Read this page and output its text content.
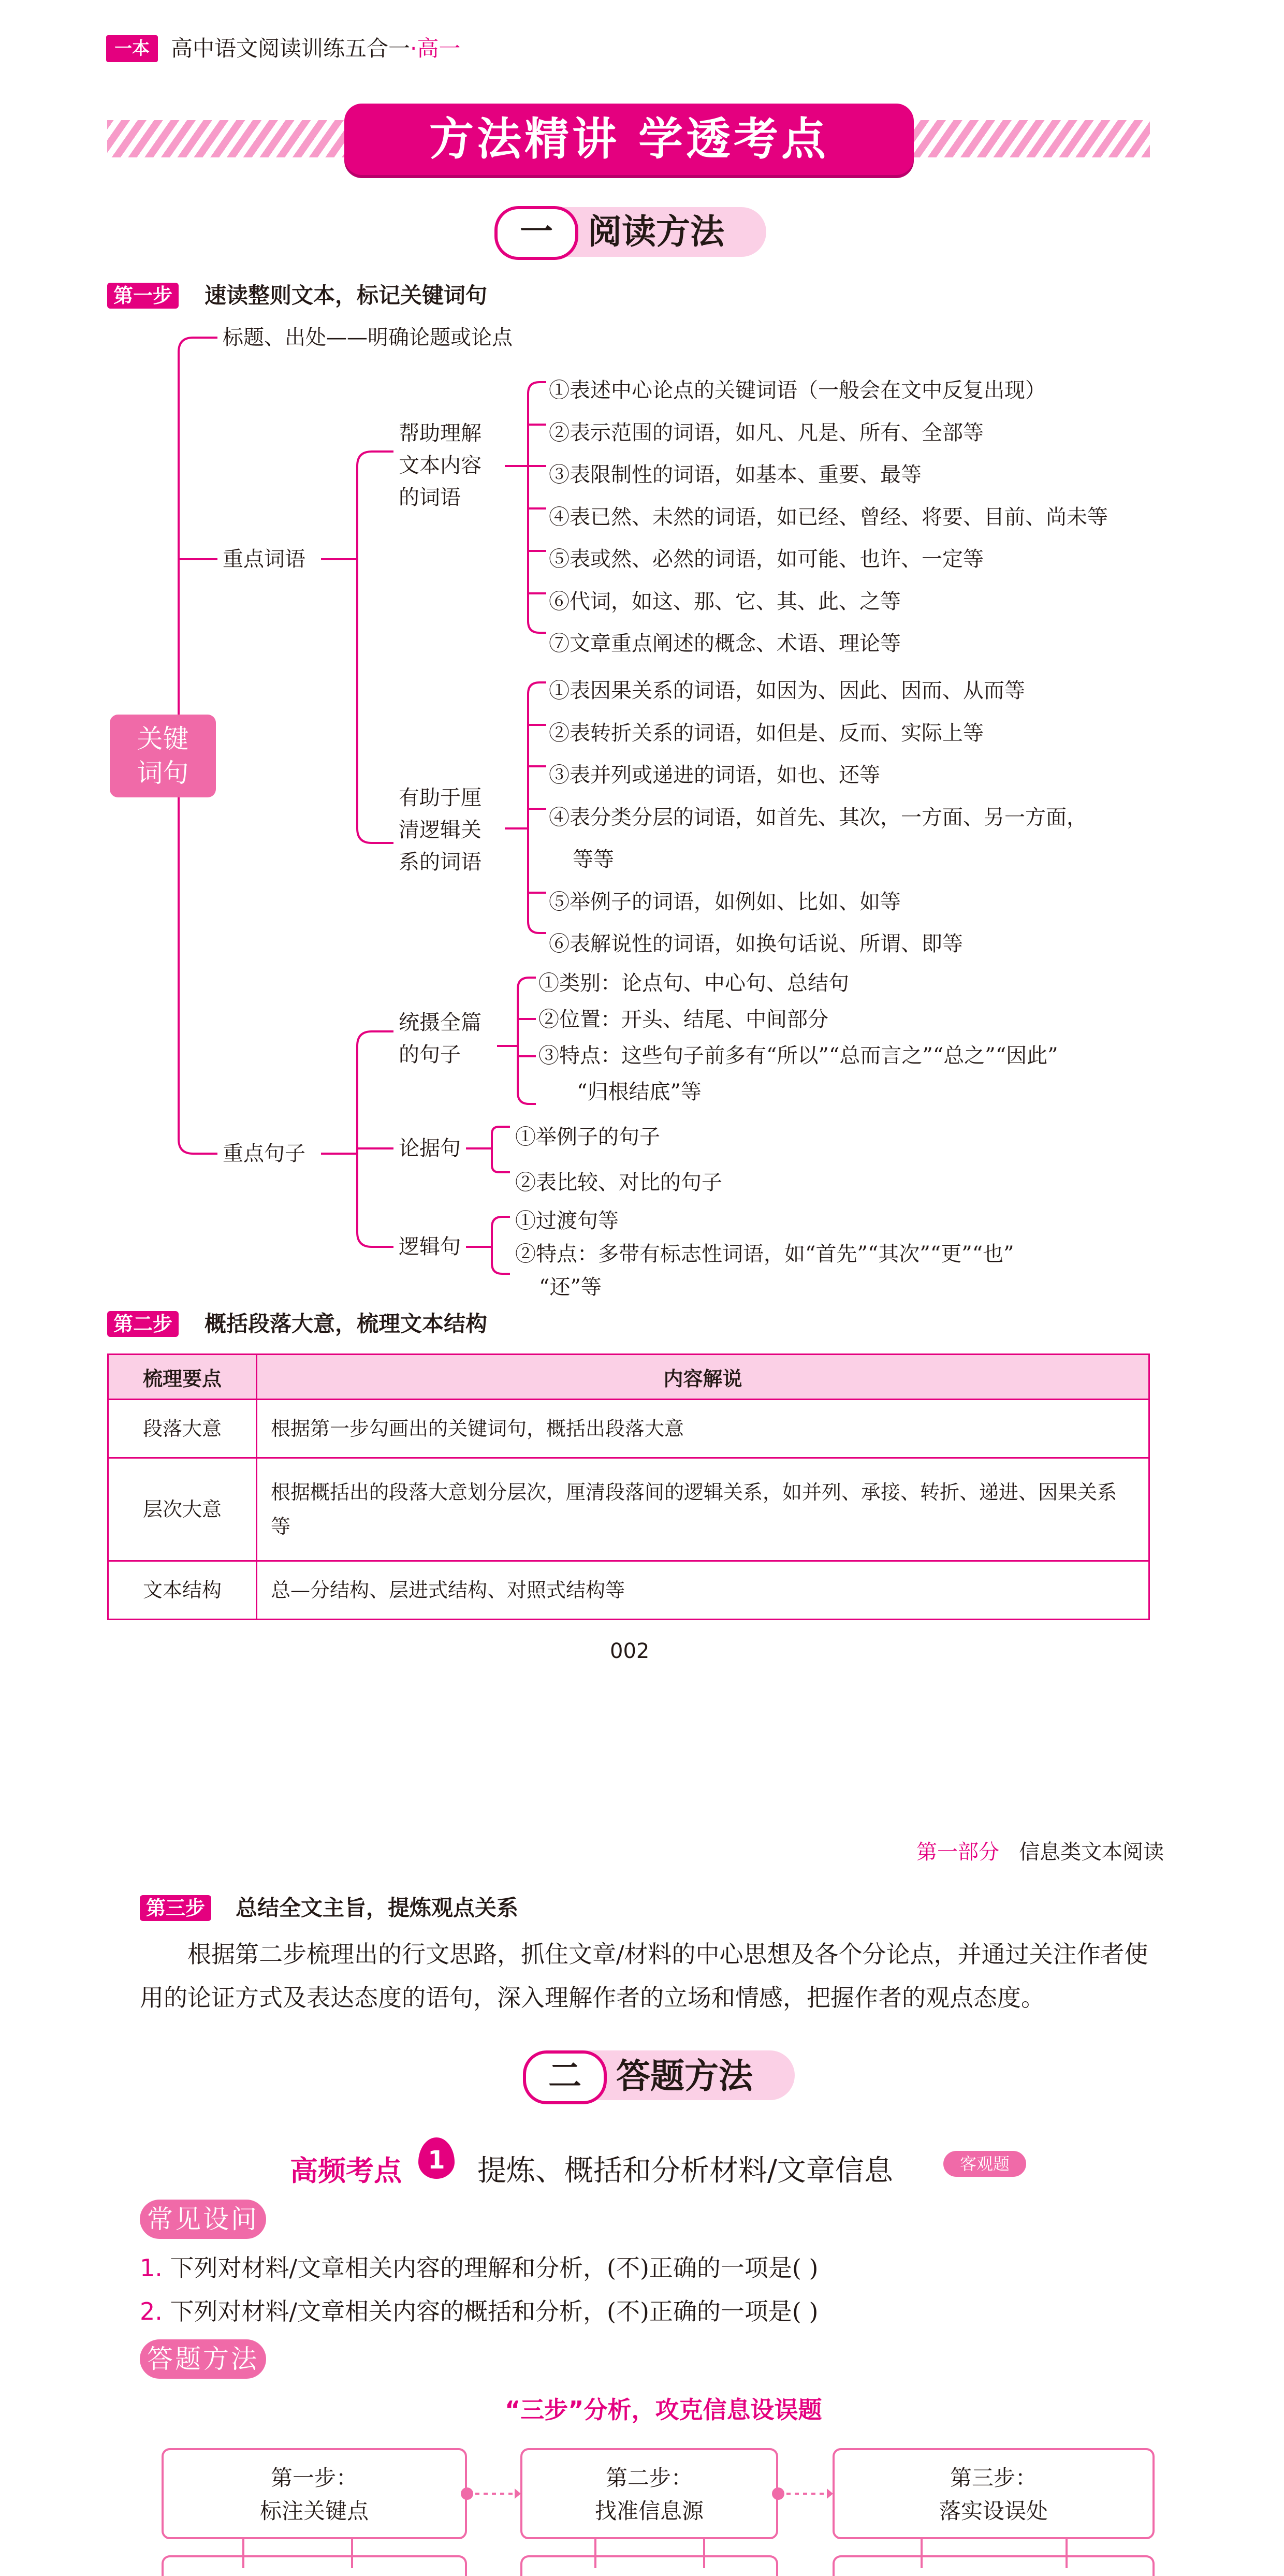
一本 高中语文阅读训练五合一·高一
方法精讲 学透考点
一	阅读方法
第一步 速读整则文本，标记关键词句
关键
词句
标题、出处——明确论题或论点
重点词语
帮助理解
文本内容
的词语
①表述中心论点的关键词语（一般会在文中反复出现）
②表示范围的词语，如凡、凡是、所有、全部等
③表限制性的词语，如基本、重要、最等
④表已然、未然的词语，如已经、曾经、将要、目前、尚未等
⑤表或然、必然的词语，如可能、也许、一定等
⑥代词，如这、那、它、其、此、之等
⑦文章重点阐述的概念、术语、理论等
有助于厘
清逻辑关
系的词语
①表因果关系的词语，如因为、因此、因而、从而等
②表转折关系的词语，如但是、反而、实际上等
③表并列或递进的词语，如也、还等
④表分类分层的词语，如首先、其次，一方面、另一方面，
等等
⑤举例子的词语，如例如、比如、如等
⑥表解说性的词语，如换句话说、所谓、即等
重点句子
统摄全篇
的句子
①类别：论点句、中心句、总结句
②位置：开头、结尾、中间部分
③特点：这些句子前多有“所以”“总而言之”“总之”“因此”
“归根结底”等
论据句	①举例子的句子
②表比较、对比的句子
逻辑句
①过渡句等
②特点：多带有标志性词语，如“首先”“其次”“更”“也”
“还”等
第二步 概括段落大意，梳理文本结构
梳理要点	内容解说
段落大意	根据第一步勾画出的关键词句，概括出段落大意
层次大意	根据概括出的段落大意划分层次，厘清段落间的逻辑关系，如并列、承接、转折、递进、因果关系等
文本结构	总—分结构、层进式结构、对照式结构等
002
第一部分 信息类文本阅读
第三步 总结全文主旨，提炼观点关系
根据第二步梳理出的行文思路，抓住文章/材料的中心思想及各个分论点，并通过关注作者使用的论证方式及表达态度的语句，深入理解作者的立场和情感，把握作者的观点态度。
二	答题方法
高频考点	1	提炼、概括和分析材料/文章信息	客观题
常见设问
1. 下列对材料/文章相关内容的理解和分析，(不)正确的一项是( )
2. 下列对材料/文章相关内容的概括和分析，(不)正确的一项是( )
答题方法
“三步”分析，攻克信息设误题
第一步：
标注关键点
第二步：
找准信息源
第三步：
落实设误处
